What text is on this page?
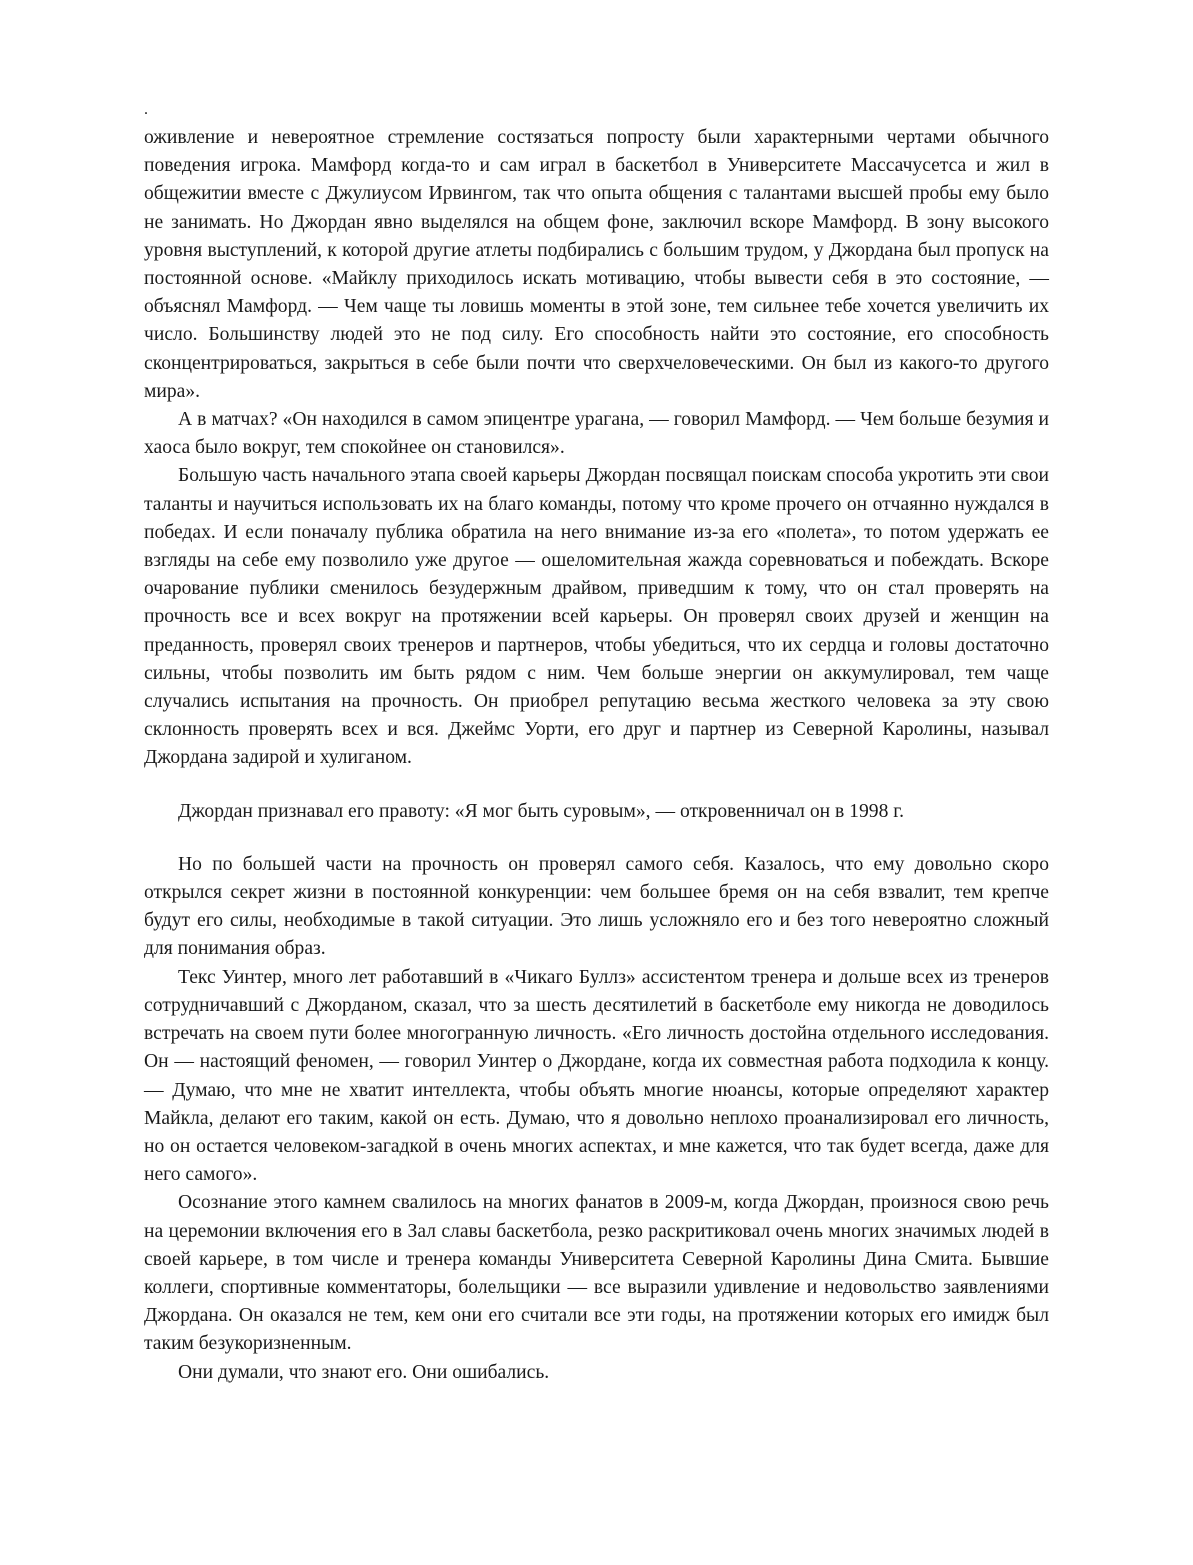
.

оживление и невероятное стремление состязаться попросту были характерными чертами обычного поведения игрока. Мамфорд когда-то и сам играл в баскетбол в Университете Массачусетса и жил в общежитии вместе с Джулиусом Ирвингом, так что опыта общения с талантами высшей пробы ему было не занимать. Но Джордан явно выделялся на общем фоне, заключил вскоре Мамфорд. В зону высокого уровня выступлений, к которой другие атлеты подбирались с большим трудом, у Джордана был пропуск на постоянной основе. «Майклу приходилось искать мотивацию, чтобы вывести себя в это состояние, — объяснял Мамфорд. — Чем чаще ты ловишь моменты в этой зоне, тем сильнее тебе хочется увеличить их число. Большинству людей это не под силу. Его способность найти это состояние, его способность сконцентрироваться, закрыться в себе были почти что сверхчеловеческими. Он был из какого-то другого мира».

А в матчах? «Он находился в самом эпицентре урагана, — говорил Мамфорд. — Чем больше безумия и хаоса было вокруг, тем спокойнее он становился».

Большую часть начального этапа своей карьеры Джордан посвящал поискам способа укротить эти свои таланты и научиться использовать их на благо команды, потому что кроме прочего он отчаянно нуждался в победах. И если поначалу публика обратила на него внимание из-за его «полета», то потом удержать ее взгляды на себе ему позволило уже другое — ошеломительная жажда соревноваться и побеждать. Вскоре очарование публики сменилось безудержным драйвом, приведшим к тому, что он стал проверять на прочность все и всех вокруг на протяжении всей карьеры. Он проверял своих друзей и женщин на преданность, проверял своих тренеров и партнеров, чтобы убедиться, что их сердца и головы достаточно сильны, чтобы позволить им быть рядом с ним. Чем больше энергии он аккумулировал, тем чаще случались испытания на прочность. Он приобрел репутацию весьма жесткого человека за эту свою склонность проверять всех и вся. Джеймс Уорти, его друг и партнер из Северной Каролины, называл Джордана задирой и хулиганом.

Джордан признавал его правоту: «Я мог быть суровым», — откровенничал он в 1998 г.

Но по большей части на прочность он проверял самого себя. Казалось, что ему довольно скоро открылся секрет жизни в постоянной конкуренции: чем большее бремя он на себя взвалит, тем крепче будут его силы, необходимые в такой ситуации. Это лишь усложняло его и без того невероятно сложный для понимания образ.

Текс Уинтер, много лет работавший в «Чикаго Буллз» ассистентом тренера и дольше всех из тренеров сотрудничавший с Джорданом, сказал, что за шесть десятилетий в баскетболе ему никогда не доводилось встречать на своем пути более многогранную личность. «Его личность достойна отдельного исследования. Он — настоящий феномен, — говорил Уинтер о Джордане, когда их совместная работа подходила к концу. — Думаю, что мне не хватит интеллекта, чтобы объять многие нюансы, которые определяют характер Майкла, делают его таким, какой он есть. Думаю, что я довольно неплохо проанализировал его личность, но он остается человеком-загадкой в очень многих аспектах, и мне кажется, что так будет всегда, даже для него самого».

Осознание этого камнем свалилось на многих фанатов в 2009-м, когда Джордан, произнося свою речь на церемонии включения его в Зал славы баскетбола, резко раскритиковал очень многих значимых людей в своей карьере, в том числе и тренера команды Университета Северной Каролины Дина Смита. Бывшие коллеги, спортивные комментаторы, болельщики — все выразили удивление и недовольство заявлениями Джордана. Он оказался не тем, кем они его считали все эти годы, на протяжении которых его имидж был таким безукоризненным.

Они думали, что знают его. Они ошибались.
